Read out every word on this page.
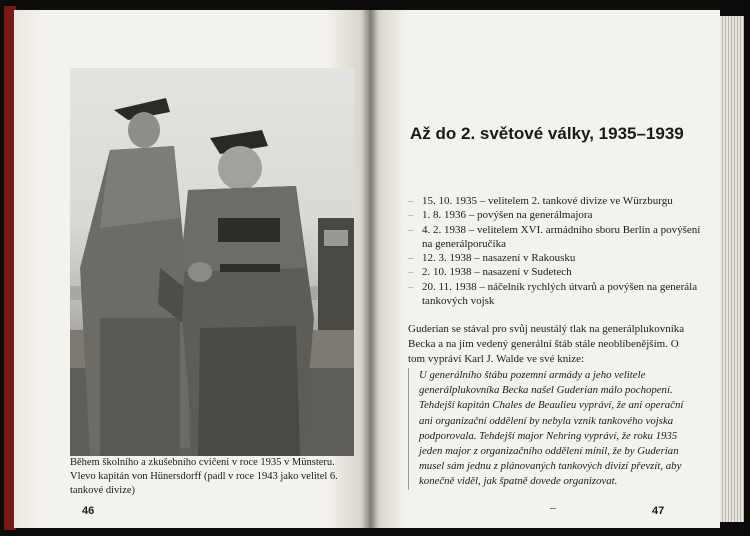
Během školního a zkušebního cvičení v roce 1935 v Münsteru. Vlevo kapitán von Hünersdorff (padl v roce 1943 jako velitel 6. tankové divize)
46
Až do 2. světové války, 1935–1939
– 15. 10. 1935 – velitelem 2. tankové divize ve Würzburgu
– 1. 8. 1936 – povýšen na generálmajora
– 4. 2. 1938 – velitelem XVI. armádního sboru Berlín a povýšení na generálporučíka
– 12. 3. 1938 – nasazení v Rakousku
– 2. 10. 1938 – nasazení v Sudetech
– 20. 11. 1938 – náčelník rychlých útvarů a povýšen na generála tankových vojsk

Guderian se stával pro svůj neustálý tlak na generálplukovníka Becka a na jím vedený generální štáb stále neoblíbenějším. O tom vypráví Karl J. Walde ve své knize:

U generálního štábu pozemní armády a jeho velitele generálplukovníka Becka našel Guderian málo pochopení. Tehdejší kapitán Chales de Beaulieu vypráví, že ani operační ani organizační oddělení by nebyla vznik tankového vojska podporovala. Tehdejší major Nehring vypráví, že roku 1935 jeden major z organizačního oddělení mínil, že by Guderian musel sám jednu z plánovaných tankových divizí převzít, aby konečně viděl, jak špatně dovede organizovat.

47
